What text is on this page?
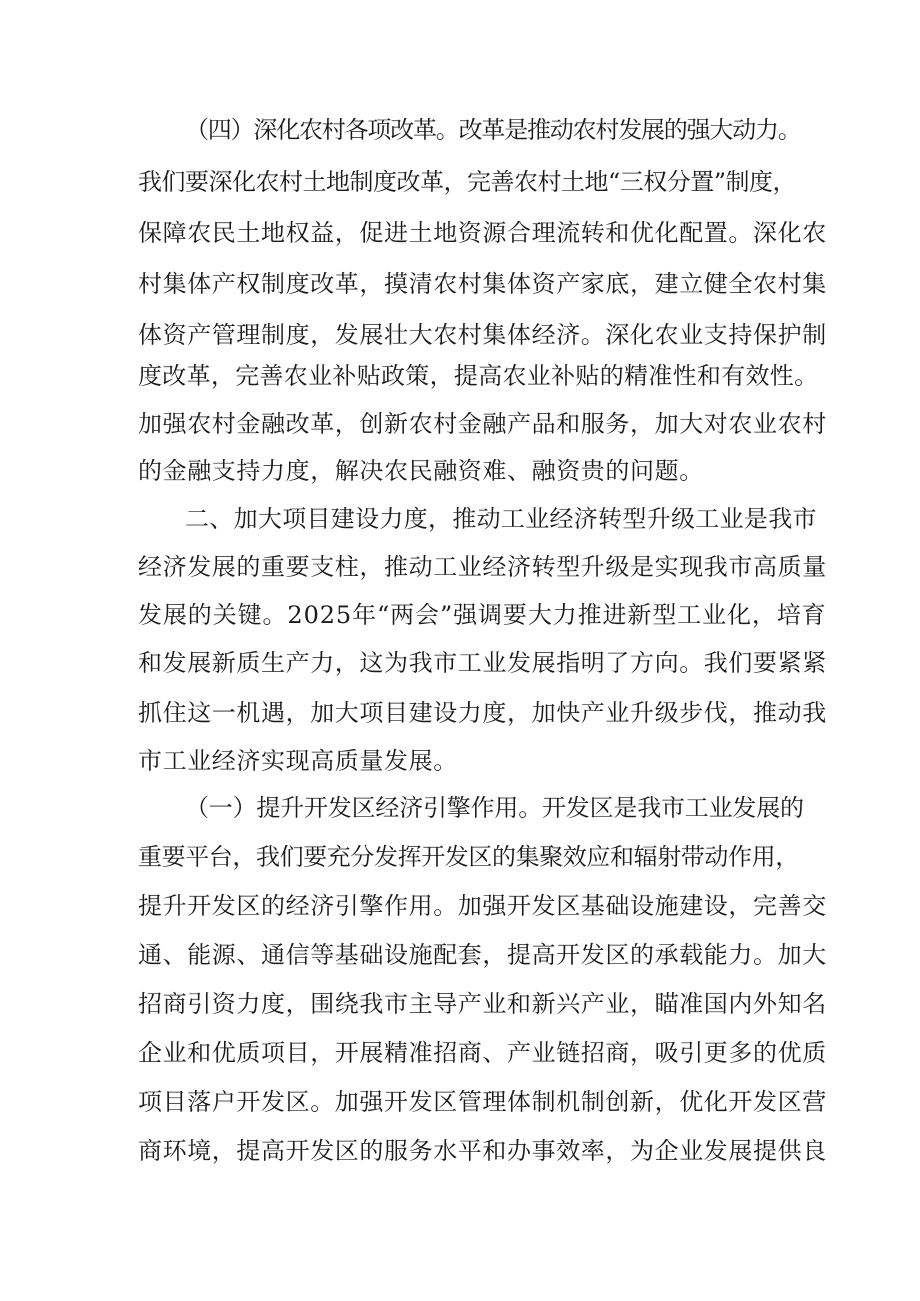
（四）深化农村各项改革。改革是推动农村发展的强大动力。
我们要深化农村土地制度改革，完善农村土地“三权分置”制度，
保障农民土地权益，促进土地资源合理流转和优化配置。深化农
村集体产权制度改革，摸清农村集体资产家底，建立健全农村集
体资产管理制度，发展壮大农村集体经济。深化农业支持保护制
度改革，完善农业补贴政策，提高农业补贴的精准性和有效性。
加强农村金融改革，创新农村金融产品和服务，加大对农业农村
的金融支持力度，解决农民融资难、融资贵的问题。
二、加大项目建设力度，推动工业经济转型升级工业是我市
经济发展的重要支柱，推动工业经济转型升级是实现我市高质量
发展的关键。2025年“两会”强调要大力推进新型工业化，培育
和发展新质生产力，这为我市工业发展指明了方向。我们要紧紧
抓住这一机遇，加大项目建设力度，加快产业升级步伐，推动我
市工业经济实现高质量发展。
（一）提升开发区经济引擎作用。开发区是我市工业发展的
重要平台，我们要充分发挥开发区的集聚效应和辐射带动作用，
提升开发区的经济引擎作用。加强开发区基础设施建设，完善交
通、能源、通信等基础设施配套，提高开发区的承载能力。加大
招商引资力度，围绕我市主导产业和新兴产业，瞄准国内外知名
企业和优质项目，开展精准招商、产业链招商，吸引更多的优质
项目落户开发区。加强开发区管理体制机制创新，优化开发区营
商环境，提高开发区的服务水平和办事效率，为企业发展提供良
